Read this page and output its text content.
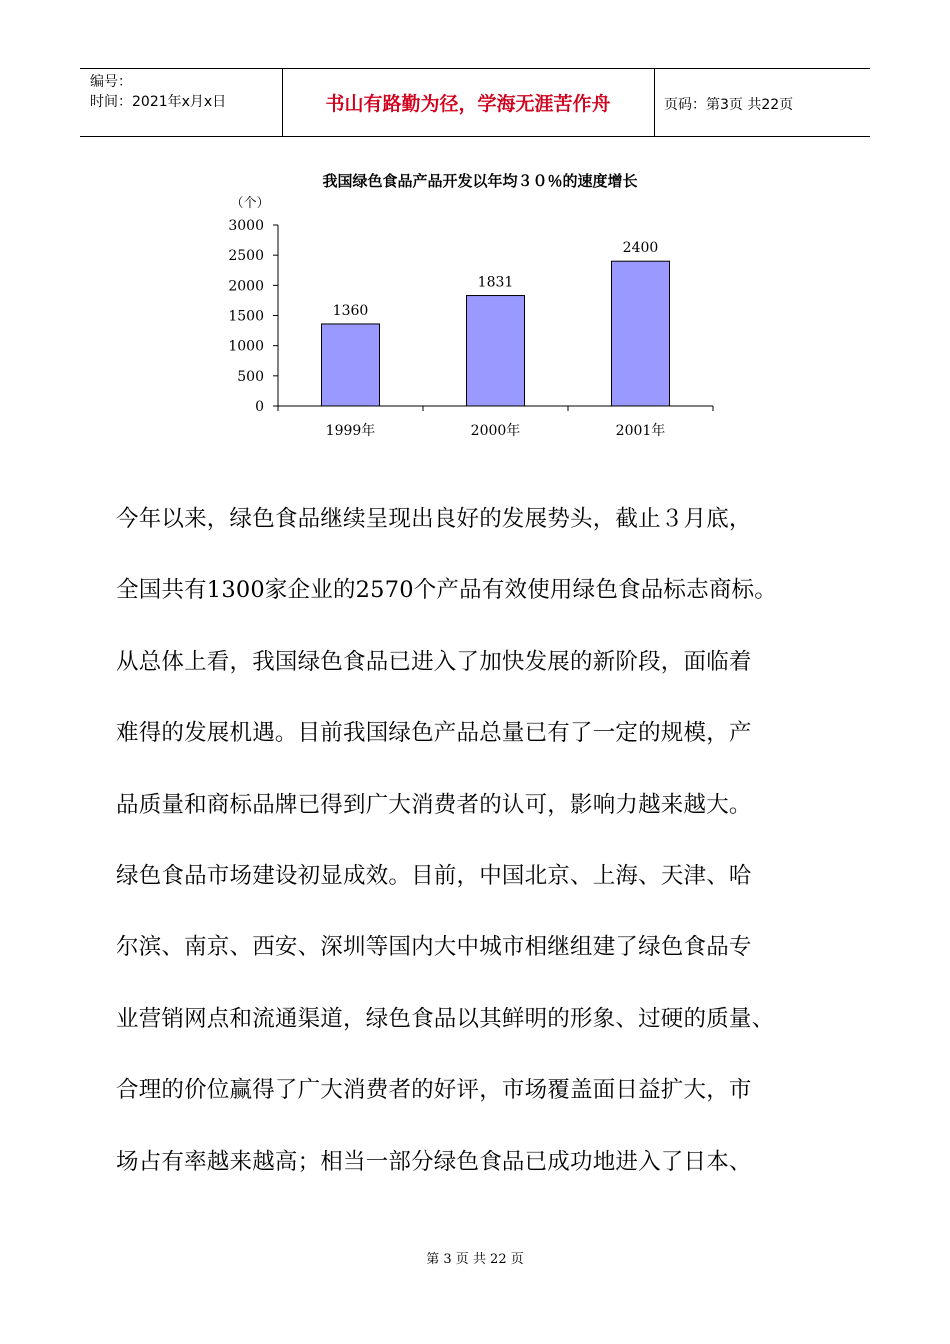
编号：
时间：2021年x月x日	书山有路勤为径，学海无涯苦作舟	页码：第3页 共22页
我国绿色食品产品开发以年均３０％的速度增长
（个）
0
500
1000
1500
2000
2500
3000
1360
1999年
1831
2000年
2400
2001年
今年以来，绿色食品继续呈现出良好的发展势头，截止３月底，
全国共有1300家企业的2570个产品有效使用绿色食品标志商标。
从总体上看，我国绿色食品已进入了加快发展的新阶段，面临着
难得的发展机遇。目前我国绿色产品总量已有了一定的规模，产
品质量和商标品牌已得到广大消费者的认可，影响力越来越大。
绿色食品市场建设初显成效。目前，中国北京、上海、天津、哈
尔滨、南京、西安、深圳等国内大中城市相继组建了绿色食品专
业营销网点和流通渠道，绿色食品以其鲜明的形象、过硬的质量、
合理的价位赢得了广大消费者的好评，市场覆盖面日益扩大，市
场占有率越来越高；相当一部分绿色食品已成功地进入了日本、
第 3 页 共 22 页
